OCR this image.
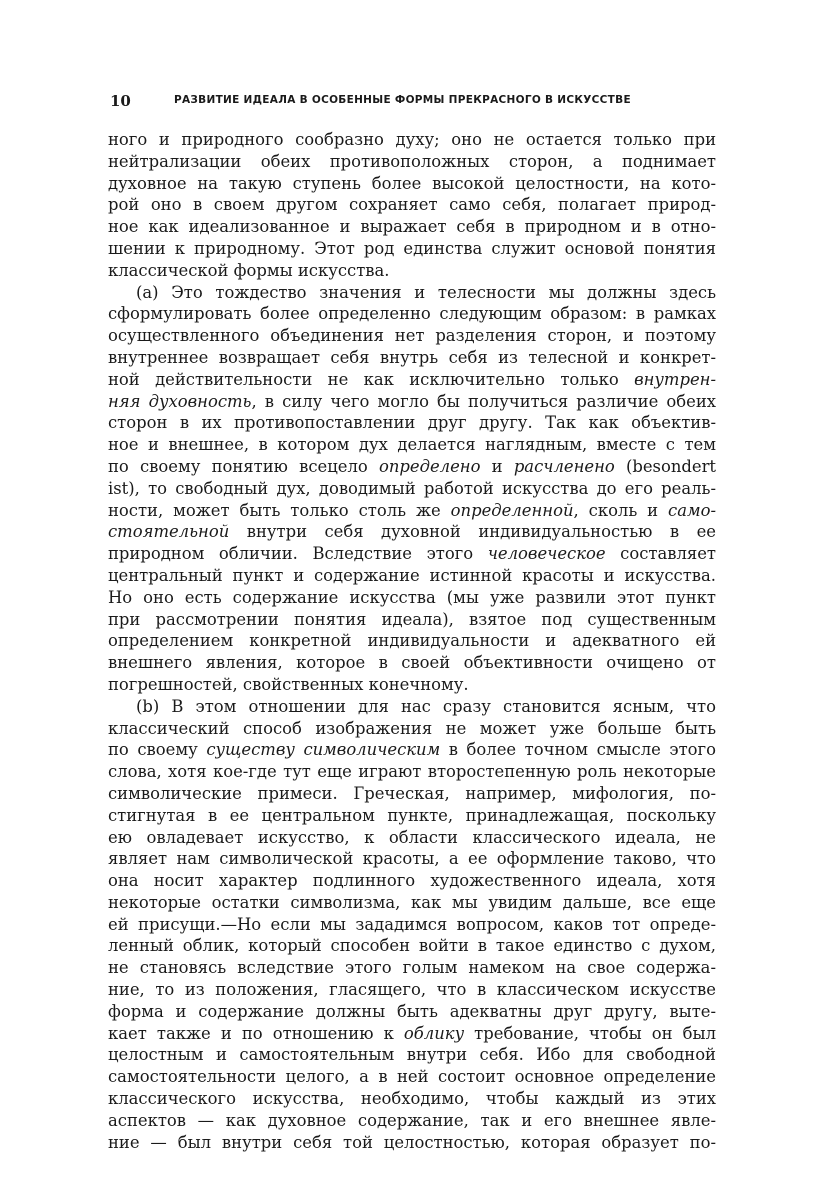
10	РАЗВИТИЕ ИДЕАЛА В ОСОБЕННЫЕ ФОРМЫ ПРЕКРАСНОГО В ИСКУССТВЕ
ного и природного сообразно духу; оно не остается только при
нейтрализации обеих противоположных сторон, а поднимает
духовное на такую ступень более высокой целостности, на кото-
рой оно в своем другом сохраняет само себя, полагает природ-
ное как идеализованное и выражает себя в природном и в отно-
шении к природному. Этот род единства служит основой понятия
классической формы искусства.
(a) Это тождество значения и телесности мы должны здесь
сформулировать более определенно следующим образом: в рамках
осуществленного объединения нет разделения сторон, и поэтому
внутреннее возвращает себя внутрь себя из телесной и конкрет-
ной действительности не как исключительно только внутрен-
няя духовность, в силу чего могло бы получиться различие обеих
сторон в их противопоставлении друг другу. Так как объектив-
ное и внешнее, в котором дух делается наглядным, вместе с тем
по своему понятию всецело определено и расчленено (besondert
ist), то свободный дух, доводимый работой искусства до его реаль-
ности, может быть только столь же определенной, сколь и само-
стоятельной внутри себя духовной индивидуальностью в ее
природном обличии. Вследствие этого человеческое составляет
центральный пункт и содержание истинной красоты и искусства.
Но оно есть содержание искусства (мы уже развили этот пункт
при рассмотрении понятия идеала), взятое под существенным
определением конкретной индивидуальности и адекватного ей
внешнего явления, которое в своей объективности очищено от
погрешностей, свойственных конечному.
(b) В этом отношении для нас сразу становится ясным, что
классический способ изображения не может уже больше быть
по своему существу символическим в более точном смысле этого
слова, хотя кое-где тут еще играют второстепенную роль некоторые
символические примеси. Греческая, например, мифология, по-
стигнутая в ее центральном пункте, принадлежащая, поскольку
ею овладевает искусство, к области классического идеала, не
являет нам символической красоты, а ее оформление таково, что
она носит характер подлинного художественного идеала, хотя
некоторые остатки символизма, как мы увидим дальше, все еще
ей присущи.—Но если мы зададимся вопросом, каков тот опреде-
ленный облик, который способен войти в такое единство с духом,
не становясь вследствие этого голым намеком на свое содержа-
ние, то из положения, гласящего, что в классическом искусстве
форма и содержание должны быть адекватны друг другу, выте-
кает также и по отношению к облику требование, чтобы он был
целостным и самостоятельным внутри себя. Ибо для свободной
самостоятельности целого, а в ней состоит основное определение
классического искусства, необходимо, чтобы каждый из этих
аспектов — как духовное содержание, так и его внешнее явле-
ние — был внутри себя той целостностью, которая образует по-
